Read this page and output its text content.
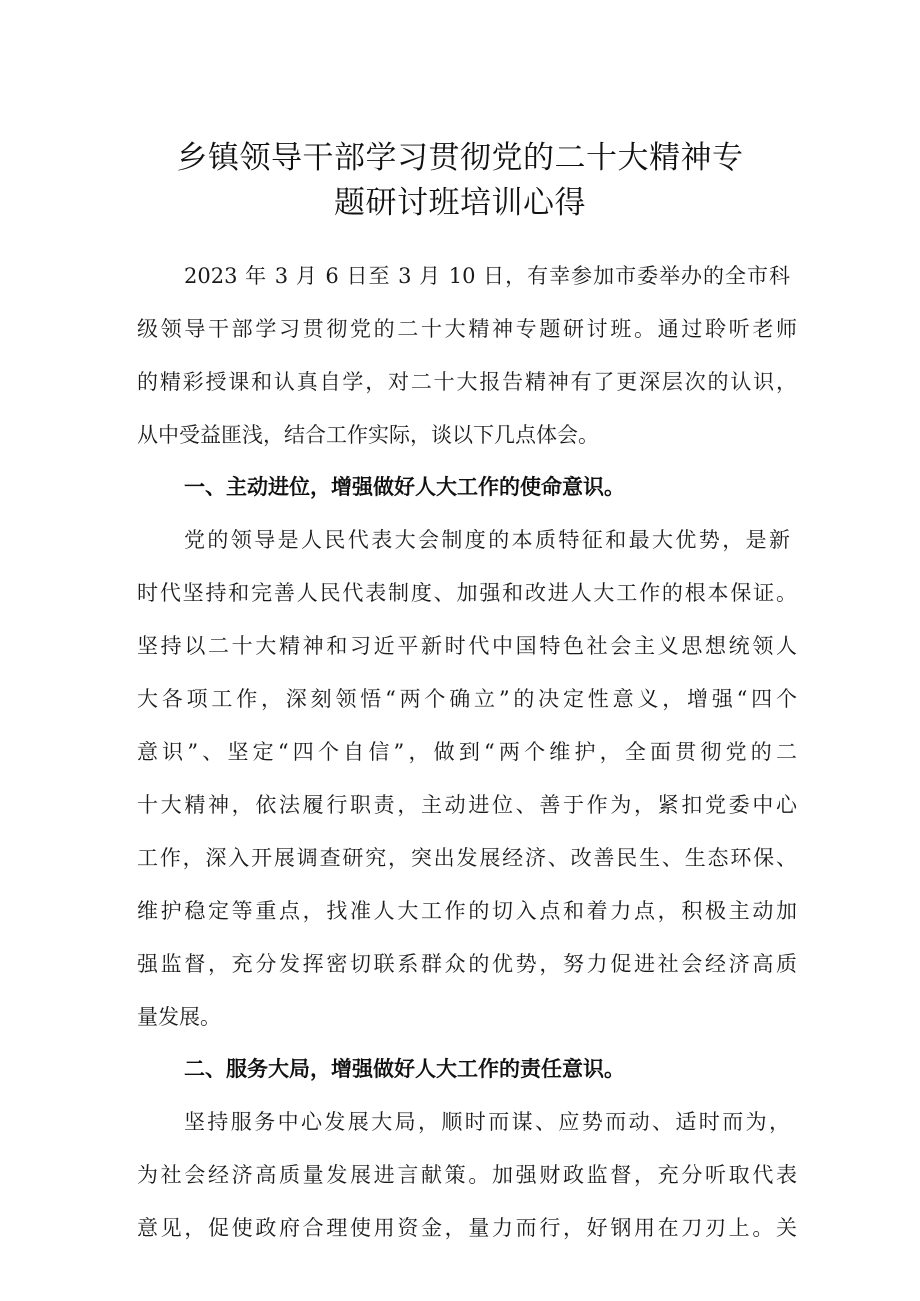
乡镇领导干部学习贯彻党的二十大精神专
题研讨班培训心得
2023 年 3 月 6 日至 3 月 10 日，有幸参加市委举办的全市科
级领导干部学习贯彻党的二十大精神专题研讨班。通过聆听老师
的精彩授课和认真自学，对二十大报告精神有了更深层次的认识，
从中受益匪浅，结合工作实际，谈以下几点体会。
一、主动进位，增强做好人大工作的使命意识。
党的领导是人民代表大会制度的本质特征和最大优势，是新
时代坚持和完善人民代表制度、加强和改进人大工作的根本保证。
坚持以二十大精神和习近平新时代中国特色社会主义思想统领人
大各项工作，深刻领悟“两个确立”的决定性意义，增强“四个
意识”、坚定“四个自信”，做到“两个维护，全面贯彻党的二
十大精神，依法履行职责，主动进位、善于作为，紧扣党委中心
工作，深入开展调查研究，突出发展经济、改善民生、生态环保、
维护稳定等重点，找准人大工作的切入点和着力点，积极主动加
强监督，充分发挥密切联系群众的优势，努力促进社会经济高质
量发展。
二、服务大局，增强做好人大工作的责任意识。
坚持服务中心发展大局，顺时而谋、应势而动、适时而为，
为社会经济高质量发展进言献策。加强财政监督，充分听取代表
意见，促使政府合理使用资金，量力而行，好钢用在刀刃上。关
